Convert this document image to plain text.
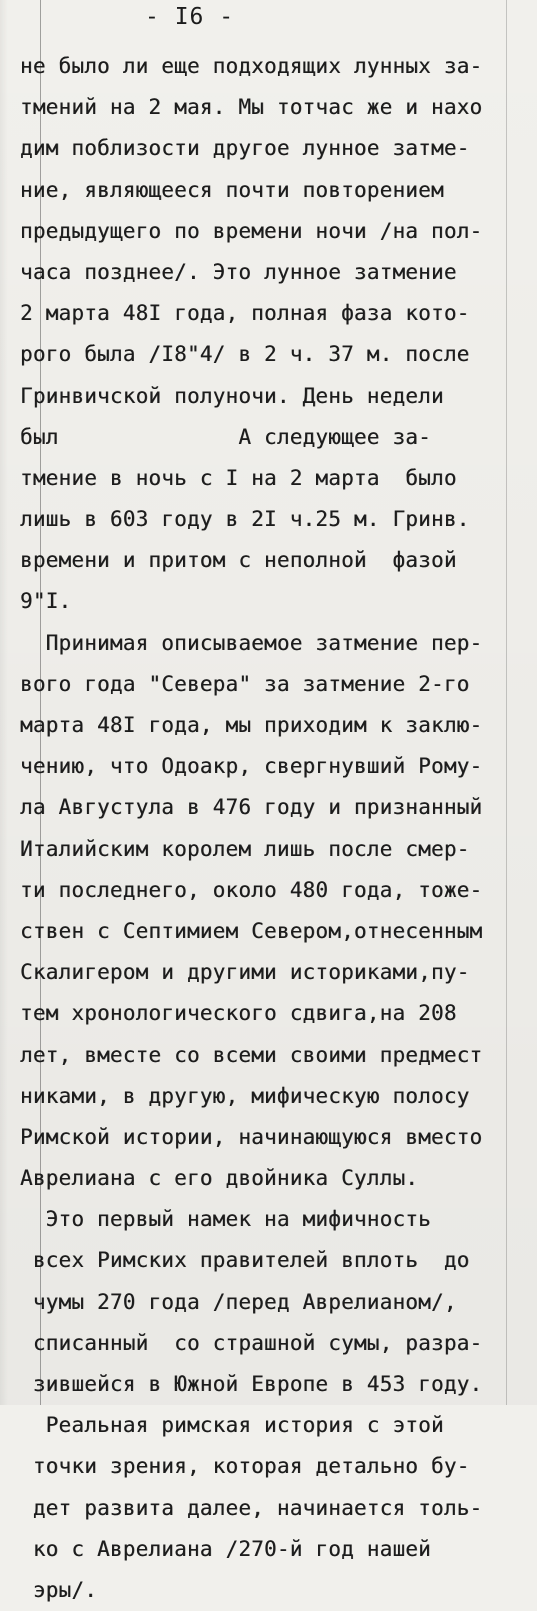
- I6 -
не было ли еще подходящих лунных за-
тмений на 2 мая. Мы тотчас же и нахо
дим поблизости другое лунное затме-
ние, являющееся почти повторением
предыдущего по времени ночи /на пол-
часа позднее/. Это лунное затмение
2 марта 48I года, полная фаза кото-
рого была /I8"4/ в 2 ч. 37 м. после
Гринвичской полуночи. День недели
был              А следующее за-
тмение в ночь с I на 2 марта  было
лишь в 603 году в 2I ч.25 м. Гринв.
времени и притом с неполной  фазой
9"I.
Принимая описываемое затмение пер-
вого года "Севера" за затмение 2-го
марта 48I года, мы приходим к заклю-
чению, что Одоакр, свергнувший Рому-
ла Августула в 476 году и признанный
Италийским королем лишь после смер-
ти последнего, около 480 года, тоже-
ствен с Септимием Севером,отнесенным
Скалигером и другими историками,пу-
тем хронологического сдвига,на 208
лет, вместе со всеми своими предмест
никами, в другую, мифическую полосу
Римской истории, начинающуюся вместо
Аврелиана с его двойника Суллы.
Это первый намек на мифичность
всех Римских правителей вплоть  до
чумы 270 года /перед Аврелианом/,
списанный  со страшной сумы, разра-
зившейся в Южной Европе в 453 году.
Реальная римская история с этой
точки зрения, которая детально бу-
дет развита далее, начинается толь-
ко с Аврелиана /270-й год нашей
эры/.
